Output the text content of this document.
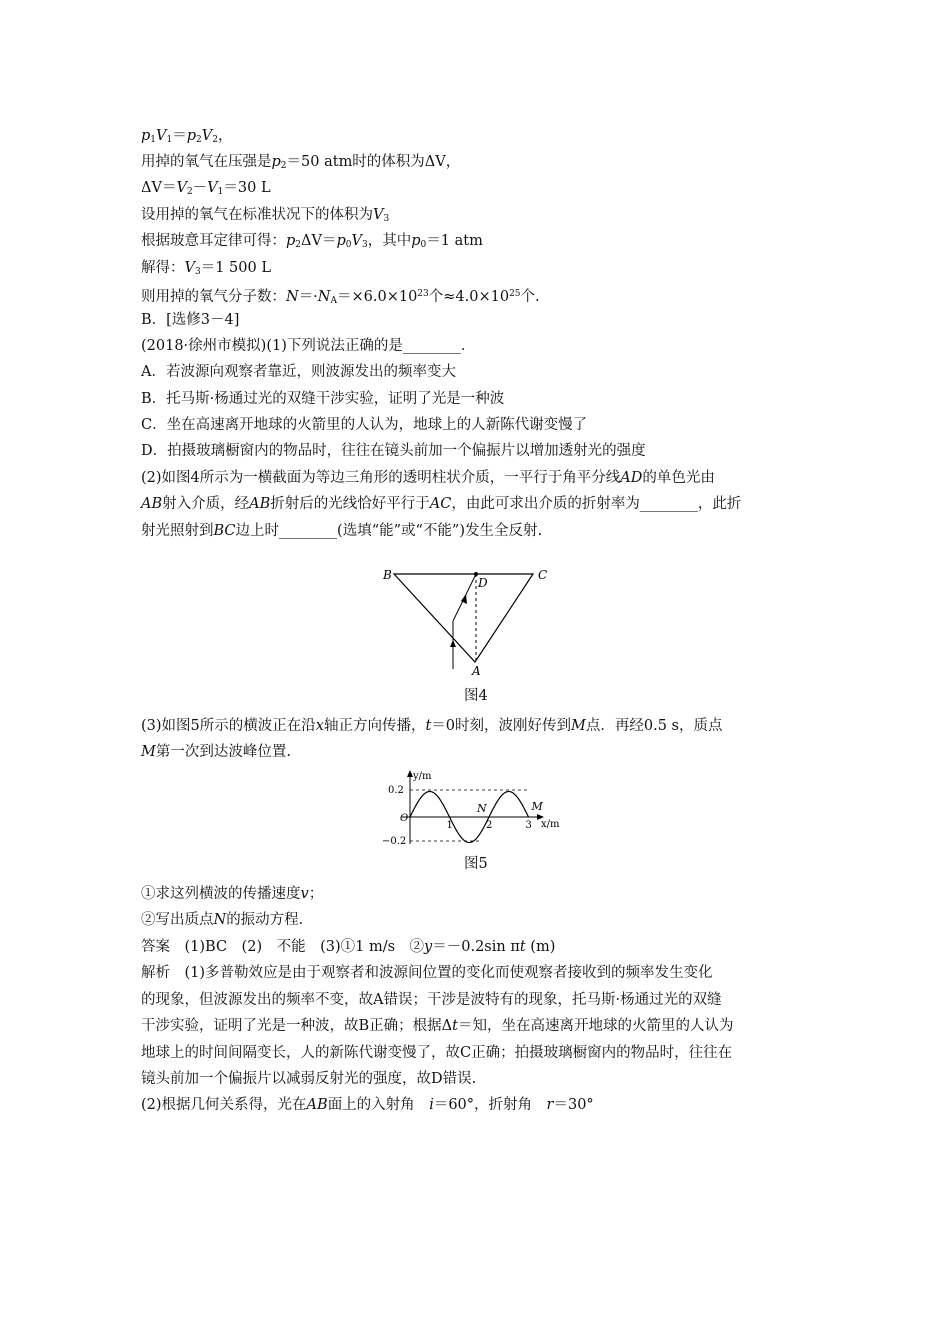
$p_1V_1=p_2V_2$，
用掉的氧气在压强是$p_2=50$ atm时的体积为ΔV，
$\Delta V=V_2-V_1=30$ L
设用掉的氧气在标准状况下的体积为$V_3$
根据玻意耳定律可得：$p_2\Delta V=p_0V_3$，其中$p_0=1$ atm
解得：$V_3=1$ 500 L
则用掉的氧气分子数：$N=\cdot N_A=\times 6.0\times 10^{23}$个$\approx 4.0\times 10^{25}$个.
B．[选修3－4]
(2018·徐州市模拟)(1)下列说法正确的是________．
A．若波源向观察者靠近，则波源发出的频率变大
B．托马斯·杨通过光的双缝干涉实验，证明了光是一种波
C．坐在高速离开地球的火箭里的人认为，地球上的人新陈代谢变慢了
D．拍摄玻璃橱窗内的物品时，往往在镜头前加一个偏振片以增加透射光的强度
(2)如图4所示为一横截面为等边三角形的透明柱状介质，一平行于角平分线AD的单色光由
AB射入介质，经AB折射后的光线恰好平行于AC，由此可求出介质的折射率为________，此折
射光照射到BC边上时________(选填“能”或“不能”)发生全反射.
B	C
D
A
图4
(3)如图5所示的横波正在沿x轴正方向传播，t＝0时刻，波刚好传到M点．再经0.5 s，质点
M第一次到达波峰位置.
y/m
x/m
O
0.2
−0.2
1	2	3
N	M
图5
①求这列横波的传播速度v；
②写出质点N的振动方程.
答案　(1)BC　(2)　不能　(3)①1 m/s　②y＝－0.2sin πt (m)
解析　(1)多普勒效应是由于观察者和波源间位置的变化而使观察者接收到的频率发生变化
的现象，但波源发出的频率不变，故A错误；干涉是波特有的现象，托马斯·杨通过光的双缝
干涉实验，证明了光是一种波，故B正确；根据Δt＝知，坐在高速离开地球的火箭里的人认为
地球上的时间间隔变长，人的新陈代谢变慢了，故C正确；拍摄玻璃橱窗内的物品时，往往在
镜头前加一个偏振片以减弱反射光的强度，故D错误.
(2)根据几何关系得，光在AB面上的入射角　i＝60°，折射角　r＝30°
